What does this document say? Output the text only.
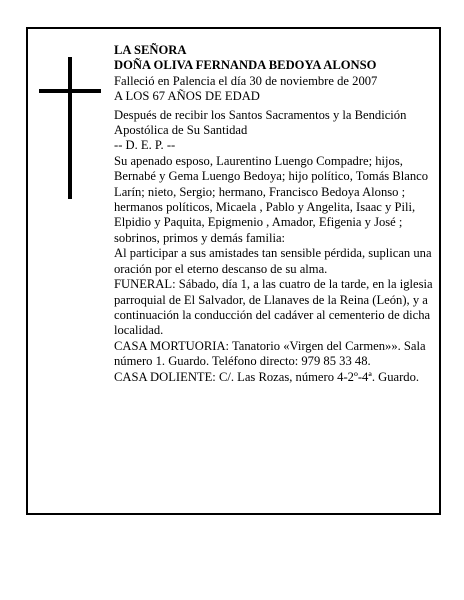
LA SEÑORA

DOÑA OLIVA FERNANDA BEDOYA ALONSO

Falleció en Palencia el día 30 de noviembre de 2007

A LOS 67 AÑOS DE EDAD

Después de recibir los Santos Sacramentos y la Bendición Apostólica de Su Santidad

-- D. E. P. --

Su apenado esposo, Laurentino Luengo Compadre; hijos, Bernabé y Gema Luengo Bedoya; hijo político, Tomás Blanco Larín; nieto, Sergio; hermano, Francisco Bedoya Alonso ; hermanos políticos, Micaela , Pablo y Angelita, Isaac y Pili, Elpidio y Paquita, Epigmenio , Amador, Efigenia y José ; sobrinos, primos y demás familia:

Al participar a sus amistades tan sensible pérdida, suplican una oración por el eterno descanso de su alma.

FUNERAL: Sábado, día 1, a las cuatro de la tarde, en la iglesia parroquial de El Salvador, de Llanaves de la Reina (León), y a continuación la conducción del cadáver al cementerio de dicha localidad.

CASA MORTUORIA: Tanatorio «Virgen del Carmen»». Sala número 1. Guardo. Teléfono directo: 979 85 33 48.

CASA DOLIENTE: C/. Las Rozas, número 4-2º-4ª. Guardo.
